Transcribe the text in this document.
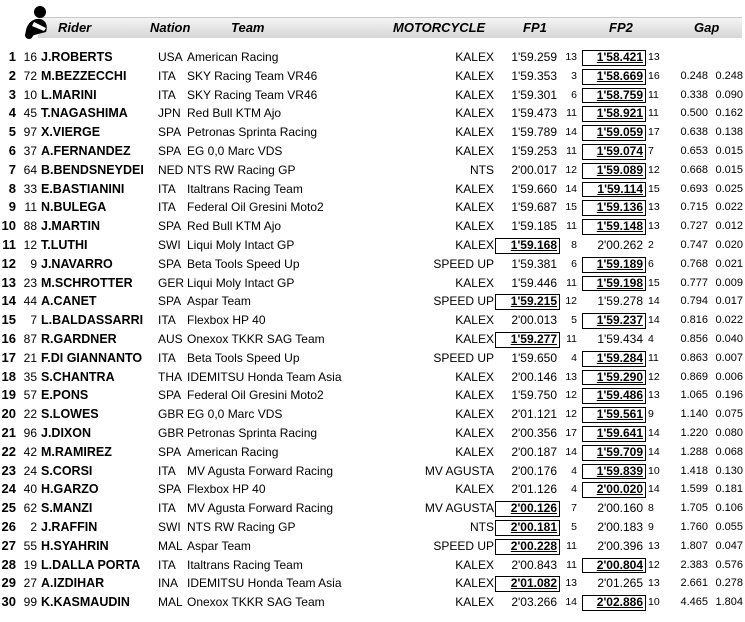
Rider	Nation	Team	MOTORCYCLE	FP1	FP2	Gap
1 16 J.ROBERTS	USA American Racing	KALEX	1'59.259 13	1'58.421 13
2 72 M.BEZZECCHI	ITA SKY Racing Team VR46	KALEX	1'59.353	3	1'58.669 16	0.248 0.248
3 10 L.MARINI	ITA SKY Racing Team VR46	KALEX	1'59.301	6	1'58.759 11	0.338 0.090
4 45 T.NAGASHIMA	JPN Red Bull KTM Ajo	KALEX	1'59.473 11	1'58.921 11	0.500 0.162
5 97 X.VIERGE	SPA Petronas Sprinta Racing	KALEX	1'59.789 14	1'59.059 17	0.638 0.138
6 37 A.FERNANDEZ SPA EG 0,0 Marc VDS	KALEX	1'59.253 11	1'59.074 7	0.653 0.015
7 64 B.BENDSNEYDEI NED NTS RW Racing GP	NTS	2'00.017 12	1'59.089 12	0.668 0.015
8 33 E.BASTIANINI	ITA Italtrans Racing Team	KALEX	1'59.660 14	1'59.114 15	0.693 0.025
9 11 N.BULEGA	ITA Federal Oil Gresini Moto2	KALEX	1'59.687 15	1'59.136 13	0.715 0.022
10 88 J.MARTIN	SPA Red Bull KTM Ajo	KALEX	1'59.185 11	1'59.148 13	0.727 0.012
11 12 T.LUTHI	SWI Liqui Moly Intact GP	KALEX	1'59.168	8	2'00.262 2	0.747 0.020
12	9 J.NAVARRO	SPA Beta Tools Speed Up	SPEED UP	1'59.381	6	1'59.189 6	0.768 0.021
13 23 M.SCHROTTER GER Liqui Moly Intact GP	KALEX	1'59.446 11	1'59.198 15	0.777 0.009
14 44 A.CANET	SPA Aspar Team	SPEED UP	1'59.215 12	1'59.278 14	0.794 0.017
15	7 L.BALDASSARRI ITA Flexbox HP 40	KALEX	2'00.013	5	1'59.237 14	0.816 0.022
16 87 R.GARDNER	AUS Onexox TKKR SAG Team	KALEX	1'59.277 11	1'59.434 4	0.856 0.040
17 21 F.DI GIANNANTO ITA Beta Tools Speed Up	SPEED UP	1'59.650	4	1'59.284 11	0.863 0.007
18 35 S.CHANTRA	THA IDEMITSU Honda Team Asia	KALEX	2'00.146 13	1'59.290 12	0.869 0.006
19 57 E.PONS	SPA Federal Oil Gresini Moto2	KALEX	1'59.750 12	1'59.486 13	1.065 0.196
20 22 S.LOWES	GBR EG 0,0 Marc VDS	KALEX	2'01.121 12	1'59.561 9	1.140 0.075
21 96 J.DIXON	GBR Petronas Sprinta Racing	KALEX	2'00.356 17	1'59.641 14	1.220 0.080
22 42 M.RAMIREZ	SPA American Racing	KALEX	2'00.187 14	1'59.709 14	1.288 0.068
23 24 S.CORSI	ITA MV Agusta Forward Racing	MV AGUSTA	2'00.176	4	1'59.839 10	1.418 0.130
24 40 H.GARZO	SPA Flexbox HP 40	KALEX	2'01.126	4	2'00.020 14	1.599 0.181
25 62 S.MANZI	ITA MV Agusta Forward Racing	MV AGUSTA	2'00.126	7	2'00.160 8	1.705 0.106
26	2 J.RAFFIN	SWI NTS RW Racing GP	NTS	2'00.181	5	2'00.183 9	1.760 0.055
27 55 H.SYAHRIN	MAL Aspar Team	SPEED UP	2'00.228 11	2'00.396 13	1.807 0.047
28 19 L.DALLA PORTA ITA Italtrans Racing Team	KALEX	2'00.843 11	2'00.804 12	2.383 0.576
29 27 A.IZDIHAR	INA IDEMITSU Honda Team Asia	KALEX	2'01.082 13	2'01.265 13	2.661 0.278
30 99 K.KASMAUDIN MAL Onexox TKKR SAG Team	KALEX	2'03.266 14	2'02.886 10	4.465 1.804
